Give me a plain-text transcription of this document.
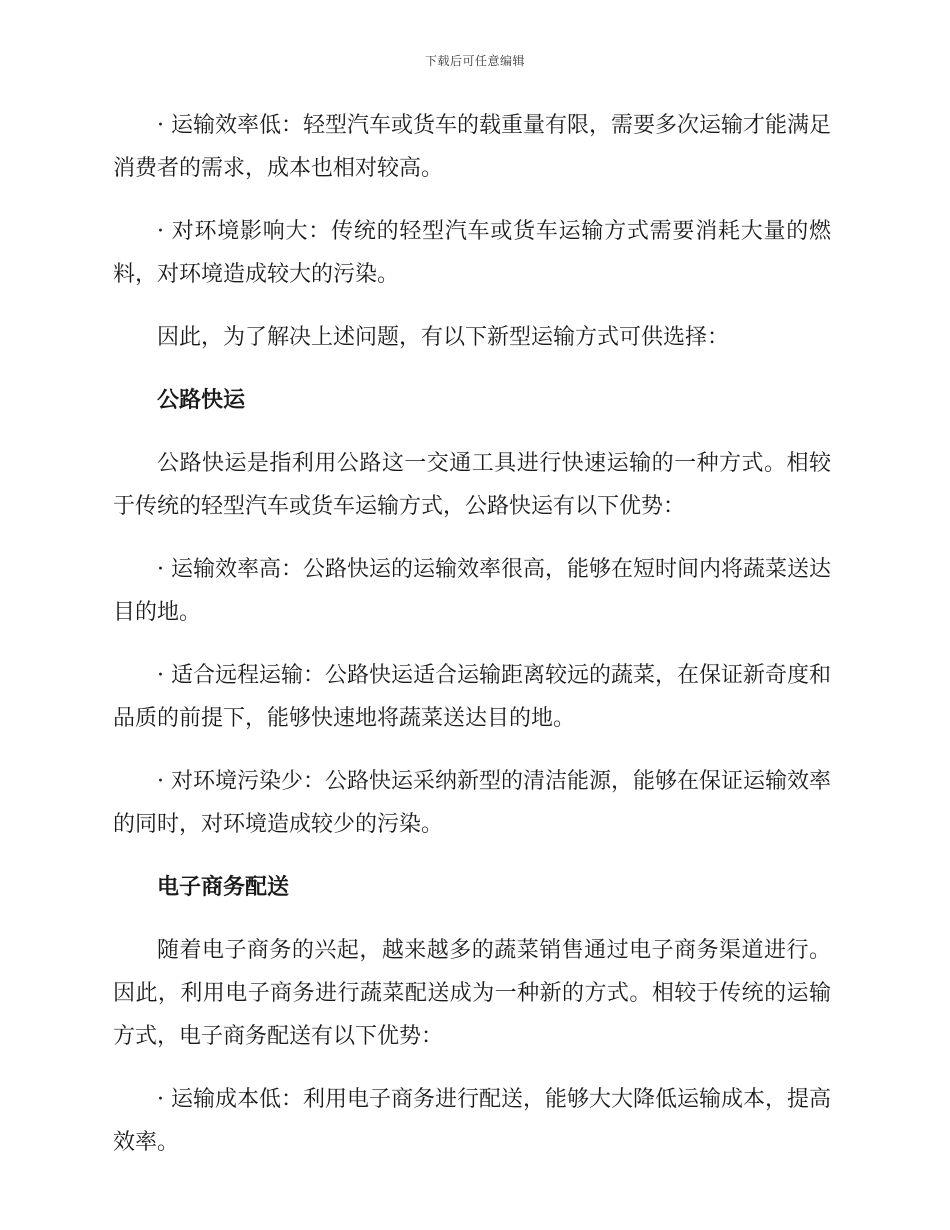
下载后可任意编辑

· 运输效率低：轻型汽车或货车的载重量有限，需要多次运输才能满足消费者的需求，成本也相对较高。

· 对环境影响大：传统的轻型汽车或货车运输方式需要消耗大量的燃料，对环境造成较大的污染。

因此，为了解决上述问题，有以下新型运输方式可供选择：

公路快运

公路快运是指利用公路这一交通工具进行快速运输的一种方式。相较于传统的轻型汽车或货车运输方式，公路快运有以下优势：

· 运输效率高：公路快运的运输效率很高，能够在短时间内将蔬菜送达目的地。

· 适合远程运输：公路快运适合运输距离较远的蔬菜，在保证新奇度和品质的前提下，能够快速地将蔬菜送达目的地。

· 对环境污染少：公路快运采纳新型的清洁能源，能够在保证运输效率的同时，对环境造成较少的污染。

电子商务配送

随着电子商务的兴起，越来越多的蔬菜销售通过电子商务渠道进行。因此，利用电子商务进行蔬菜配送成为一种新的方式。相较于传统的运输方式，电子商务配送有以下优势：

· 运输成本低：利用电子商务进行配送，能够大大降低运输成本，提高效率。
